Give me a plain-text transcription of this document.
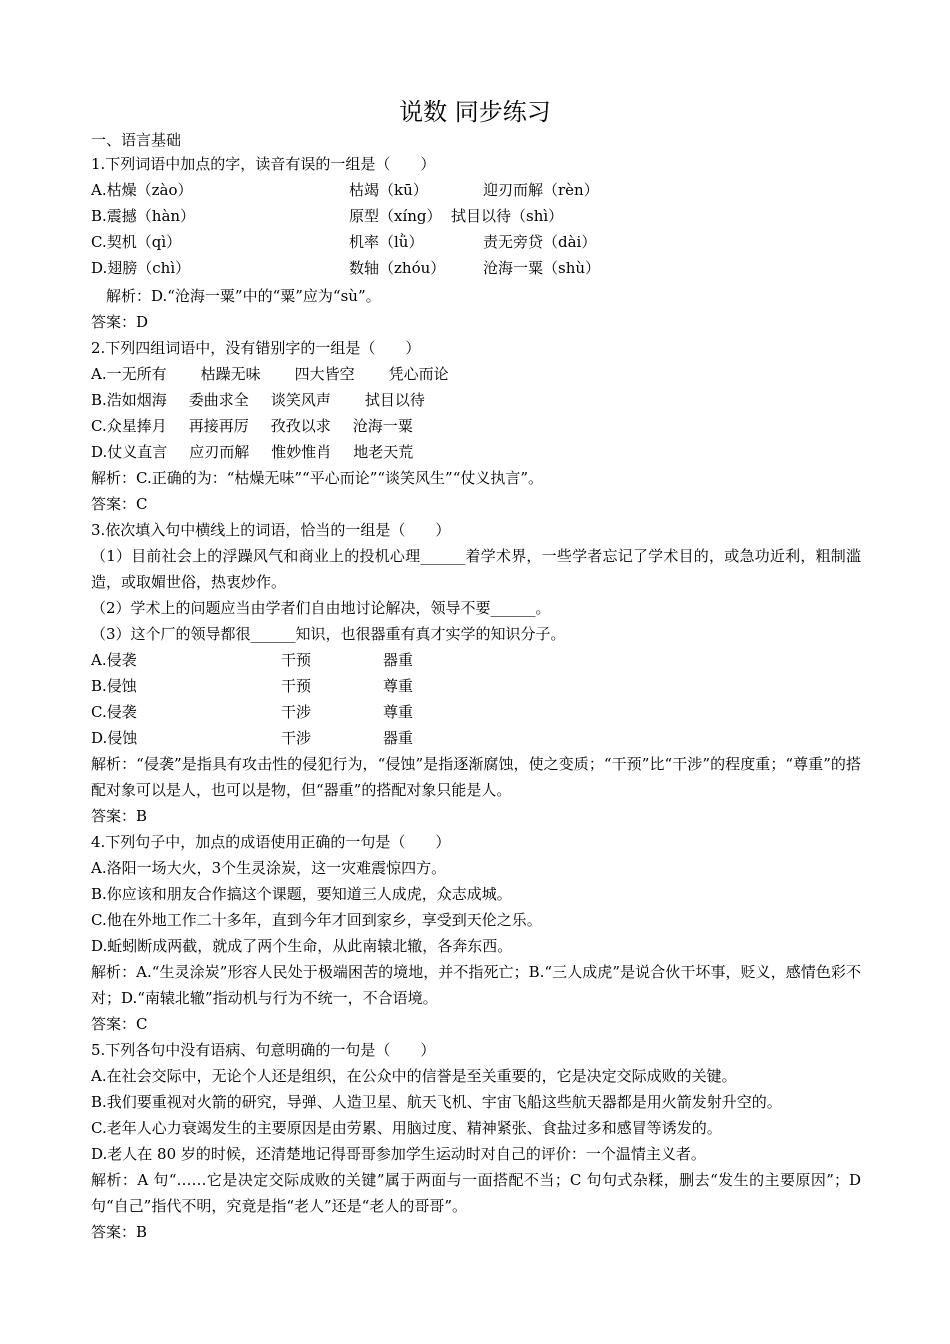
说数 同步练习
一、语言基础
1.下列词语中加点的字，读音有误的一组是（　　）
A.枯燥（zào）	枯竭（kū）	迎刃而解（rèn）
B.震撼（hàn）	原型（xíng） 拭目以待（shì）
C.契机（qì）	机率（lǜ）	责无旁贷（dài）
D.翅膀（chì）	数轴（zhóu）	沧海一粟（shù）
解析：D.“沧海一粟”中的“粟”应为“sù”。
答案：D
2.下列四组词语中，没有错别字的一组是（　　）
A.一无所有 枯躁无味 四大皆空 凭心而论
B.浩如烟海 委曲求全 谈笑风声 拭目以待
C.众星捧月 再接再厉 孜孜以求 沧海一粟
D.仗义直言 应刃而解 惟妙惟肖 地老天荒
解析：C.正确的为：“枯燥无味”“平心而论”“谈笑风生”“仗义执言”。
答案：C
3.依次填入句中横线上的词语，恰当的一组是（　　）
（1）目前社会上的浮躁风气和商业上的投机心理______着学术界，一些学者忘记了学术目的，或急功近利，粗制滥造，或取媚世俗，热衷炒作。
（2）学术上的问题应当由学者们自由地讨论解决，领导不要______。
（3）这个厂的领导都很______知识，也很器重有真才实学的知识分子。
A.侵袭	干预	器重
B.侵蚀	干预	尊重
C.侵袭	干涉	尊重
D.侵蚀	干涉	器重
解析：“侵袭”是指具有攻击性的侵犯行为，“侵蚀”是指逐渐腐蚀，使之变质；“干预”比“干涉”的程度重；“尊重”的搭配对象可以是人，也可以是物，但“器重”的搭配对象只能是人。
答案：B
4.下列句子中，加点的成语使用正确的一句是（　　）
A.洛阳一场大火，3个生灵涂炭，这一灾难震惊四方。
B.你应该和朋友合作搞这个课题，要知道三人成虎，众志成城。
C.他在外地工作二十多年，直到今年才回到家乡，享受到天伦之乐。
D.蚯蚓断成两截，就成了两个生命，从此南辕北辙，各奔东西。
解析：A.“生灵涂炭”形容人民处于极端困苦的境地，并不指死亡；B.“三人成虎”是说合伙干坏事，贬义，感情色彩不对；D.“南辕北辙”指动机与行为不统一，不合语境。
答案：C
5.下列各句中没有语病、句意明确的一句是（　　）
A.在社会交际中，无论个人还是组织，在公众中的信誉是至关重要的，它是决定交际成败的关键。
B.我们要重视对火箭的研究，导弹、人造卫星、航天飞机、宇宙飞船这些航天器都是用火箭发射升空的。
C.老年人心力衰竭发生的主要原因是由劳累、用脑过度、精神紧张、食盐过多和感冒等诱发的。
D.老人在 80 岁的时候，还清楚地记得哥哥参加学生运动时对自己的评价：一个温情主义者。
解析：A 句“……它是决定交际成败的关键”属于两面与一面搭配不当；C 句句式杂糅，删去“发生的主要原因”；D 句“自己”指代不明，究竟是指“老人”还是“老人的哥哥”。
答案：B
